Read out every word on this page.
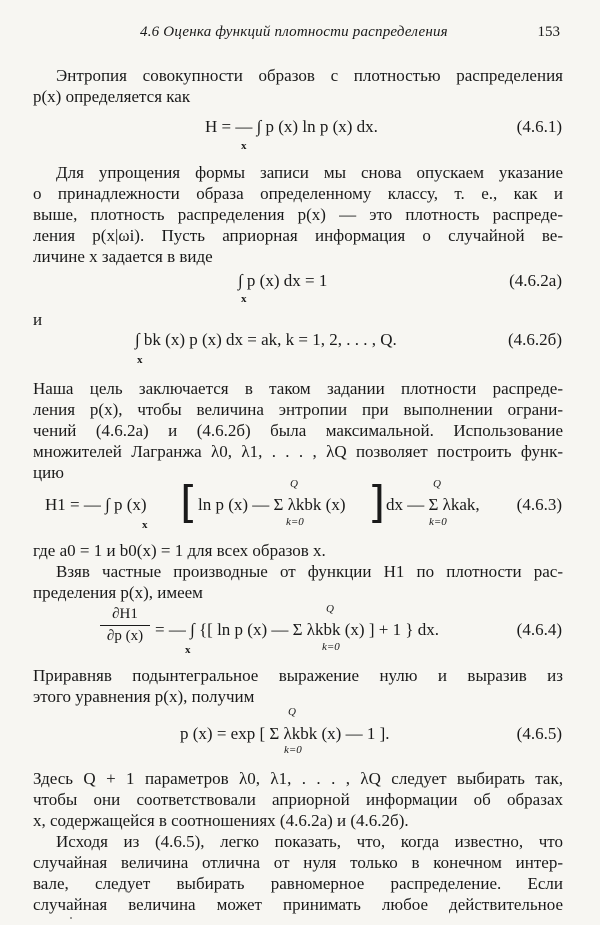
4.6 Оценка функций плотности распределения	153
Энтропия совокупности образов с плотностью распределения
p(x) определяется как
H = — ∫ p (x) ln p (x) dx.
x
(4.6.1)
Для упрощения формы записи мы снова опускаем указание
о принадлежности образа определенному классу, т. е., как и
выше, плотность распределения p(x) — это плотность распреде-
ления p(x|ωi). Пусть априорная информация о случайной ве-
личине x задается в виде
∫ p (x) dx = 1
x
(4.6.2а)
и
∫ bk (x) p (x) dx = ak, k = 1, 2, . . . , Q.
x
(4.6.2б)
Наша цель заключается в таком задании плотности распреде-
ления p(x), чтобы величина энтропии при выполнении ограни-
чений (4.6.2а) и (4.6.2б) была максимальной. Использование
множителей Лагранжа λ0, λ1, . . . , λQ позволяет построить функ-
цию
H1 = — ∫ p (x) [ ln p (x) — Σ λkbk (x) ] dx — Σ λkak,
Q
k=0
Q
k=0
x
(4.6.3)
где a0 = 1 и b0(x) = 1 для всех образов x.
Взяв частные производные от функции H1 по плотности рас-
пределения p(x), имеем
∂H1
∂p (x) = — ∫ {[ ln p (x) — Σ λkbk (x) ] + 1 } dx.
Q
k=0
x
(4.6.4)
Приравняв подынтегральное выражение нулю и выразив из
этого уравнения p(x), получим
p (x) = exp [ Σ λkbk (x) — 1 ].
Q
k=0
(4.6.5)
Здесь Q + 1 параметров λ0, λ1, . . . , λQ следует выбирать так,
чтобы они соответствовали априорной информации об образах
x, содержащейся в соотношениях (4.6.2а) и (4.6.2б).
Исходя из (4.6.5), легко показать, что, когда известно, что
случайная величина отлична от нуля только в конечном интер-
вале, следует выбирать равномерное распределение. Если
случайная величина может принимать любое действительное
